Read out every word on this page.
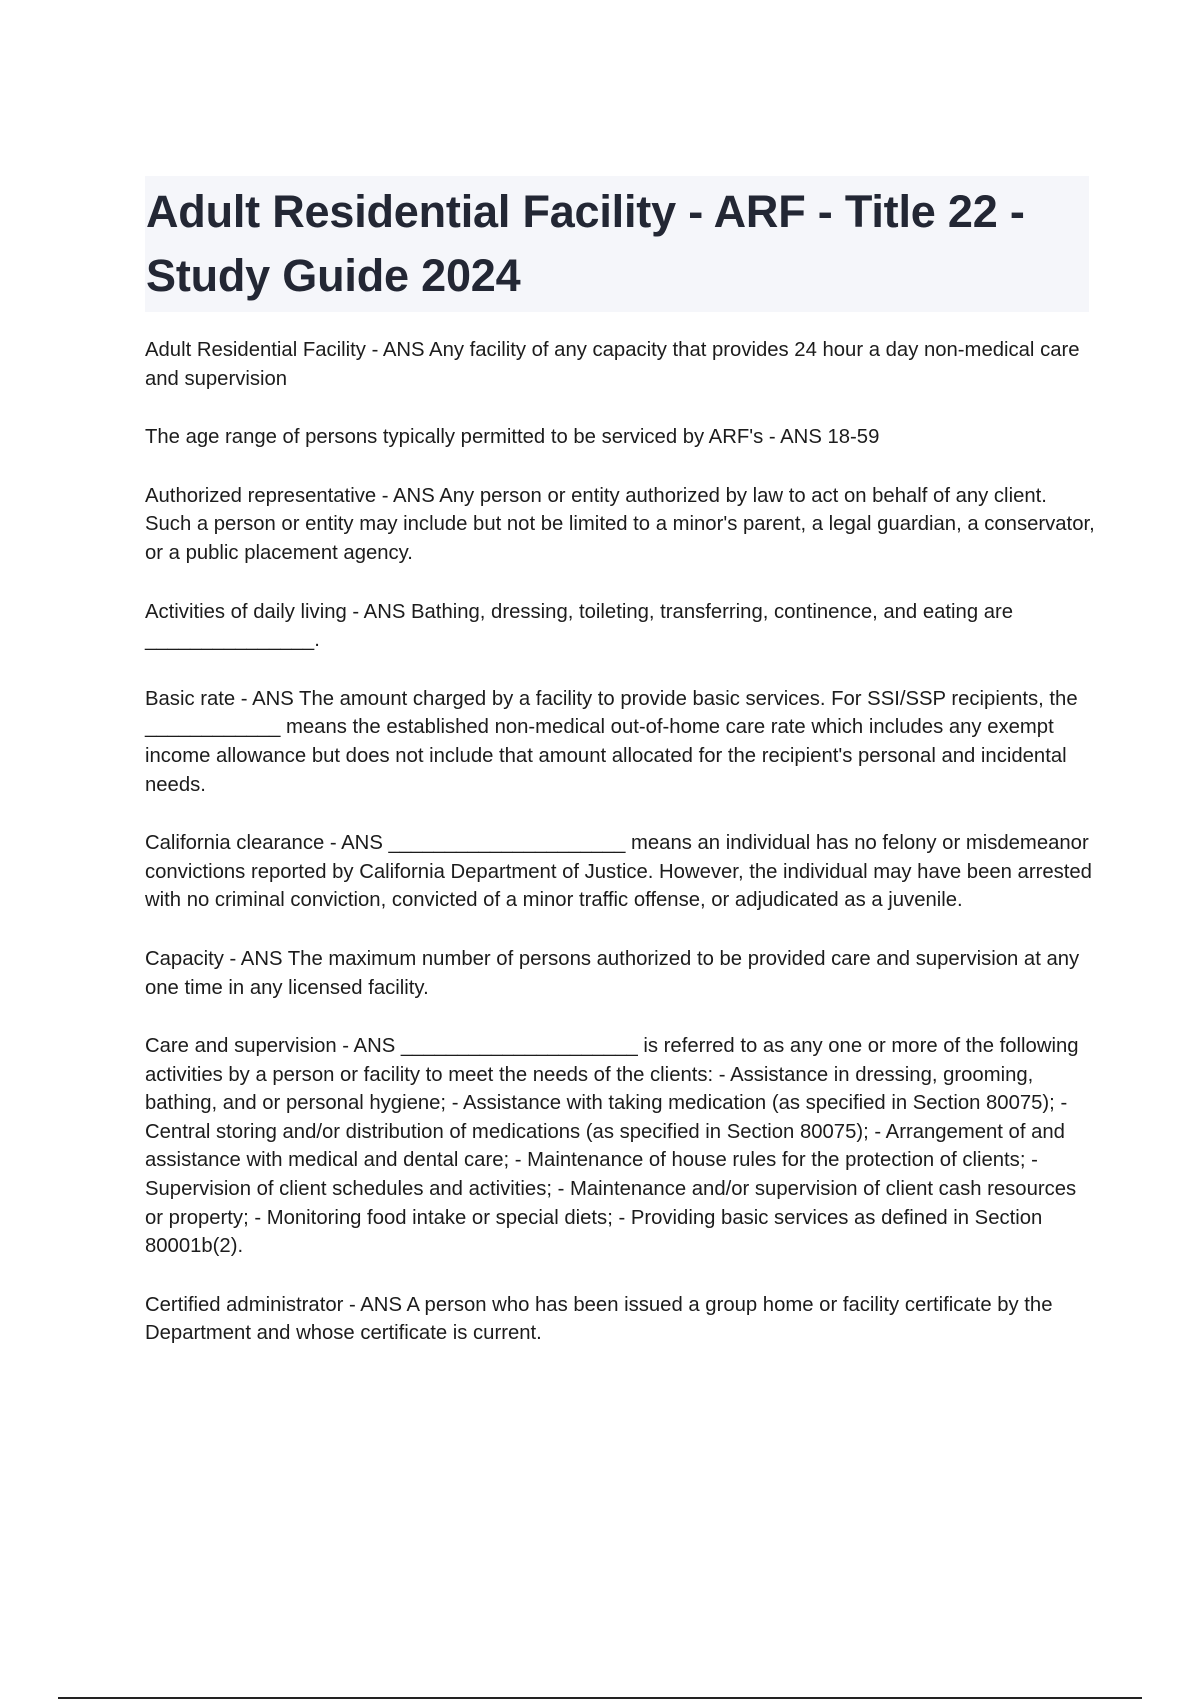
Adult Residential Facility - ARF - Title 22 - Study Guide 2024

Adult Residential Facility - ANS Any facility of any capacity that provides 24 hour a day non-medical care and supervision

The age range of persons typically permitted to be serviced by ARF's - ANS 18-59

Authorized representative - ANS Any person or entity authorized by law to act on behalf of any client. Such a person or entity may include but not be limited to a minor's parent, a legal guardian, a conservator, or a public placement agency.

Activities of daily living - ANS Bathing, dressing, toileting, transferring, continence, and eating are _______________.

Basic rate - ANS The amount charged by a facility to provide basic services. For SSI/SSP recipients, the ____________ means the established non-medical out-of-home care rate which includes any exempt income allowance but does not include that amount allocated for the recipient's personal and incidental needs.

California clearance - ANS _____________________ means an individual has no felony or misdemeanor convictions reported by California Department of Justice. However, the individual may have been arrested with no criminal conviction, convicted of a minor traffic offense, or adjudicated as a juvenile.

Capacity - ANS The maximum number of persons authorized to be provided care and supervision at any one time in any licensed facility.

Care and supervision - ANS _____________________ is referred to as any one or more of the following activities by a person or facility to meet the needs of the clients: - Assistance in dressing, grooming, bathing, and or personal hygiene; - Assistance with taking medication (as specified in Section 80075); - Central storing and/or distribution of medications (as specified in Section 80075); - Arrangement of and assistance with medical and dental care; - Maintenance of house rules for the protection of clients; - Supervision of client schedules and activities; - Maintenance and/or supervision of client cash resources or property; - Monitoring food intake or special diets; - Providing basic services as defined in Section 80001b(2).

Certified administrator - ANS A person who has been issued a group home or facility certificate by the Department and whose certificate is current.
